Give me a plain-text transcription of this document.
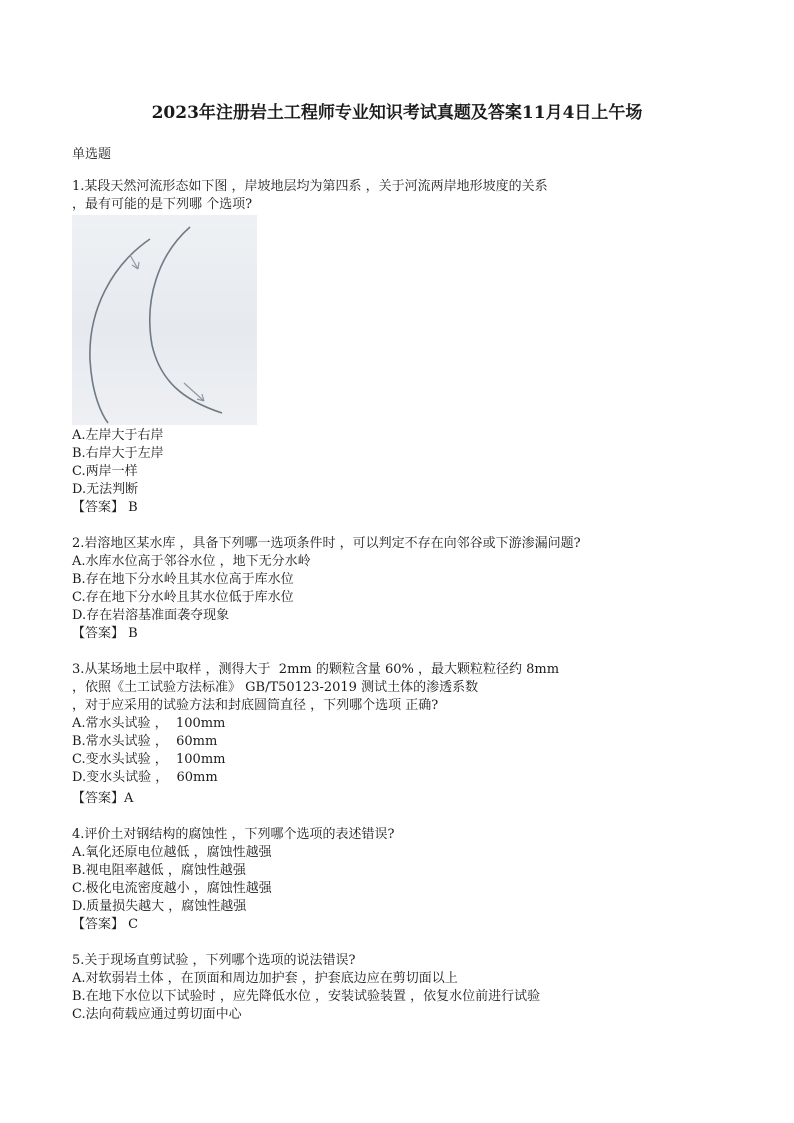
2023年注册岩土工程师专业知识考试真题及答案11月4日上午场
单选题
1.某段天然河流形态如下图 ，岸坡地层均为第四系 ，关于河流两岸地形坡度的关系
，最有可能的是下列哪 个选项?
A.左岸大于右岸
B.右岸大于左岸
C.两岸一样
D.无法判断
【答案】 B
2.岩溶地区某水库 ，具备下列哪一选项条件时 ，可以判定不存在向邻谷或下游渗漏问题?
A.水库水位高于邻谷水位 ，地下无分水岭
B.存在地下分水岭且其水位高于库水位
C.存在地下分水岭且其水位低于库水位
D.存在岩溶基准面袭夺现象
【答案】 B
3.从某场地土层中取样 ，测得大于  2mm 的颗粒含量 60% ，最大颗粒粒径约 8mm
，依照《土工试验方法标准》 GB/T50123-2019 测试土体的渗透系数
，对于应采用的试验方法和封底圆筒直径 ，下列哪个选项 正确?
A.常水头试验 ，  100mm
B.常水头试验 ，  60mm
C.变水头试验 ，  100mm
D.变水头试验 ，  60mm
【答案】A
4.评价土对钢结构的腐蚀性 ，下列哪个选项的表述错误?
A.氧化还原电位越低 ，腐蚀性越强
B.视电阻率越低 ，腐蚀性越强
C.极化电流密度越小 ，腐蚀性越强
D.质量损失越大 ，腐蚀性越强
【答案】 C
5.关于现场直剪试验 ，下列哪个选项的说法错误?
A.对软弱岩土体 ，在顶面和周边加护套 ，护套底边应在剪切面以上
B.在地下水位以下试验时 ，应先降低水位 ，安装试验装置 ，依复水位前进行试验
C.法向荷载应通过剪切面中心
